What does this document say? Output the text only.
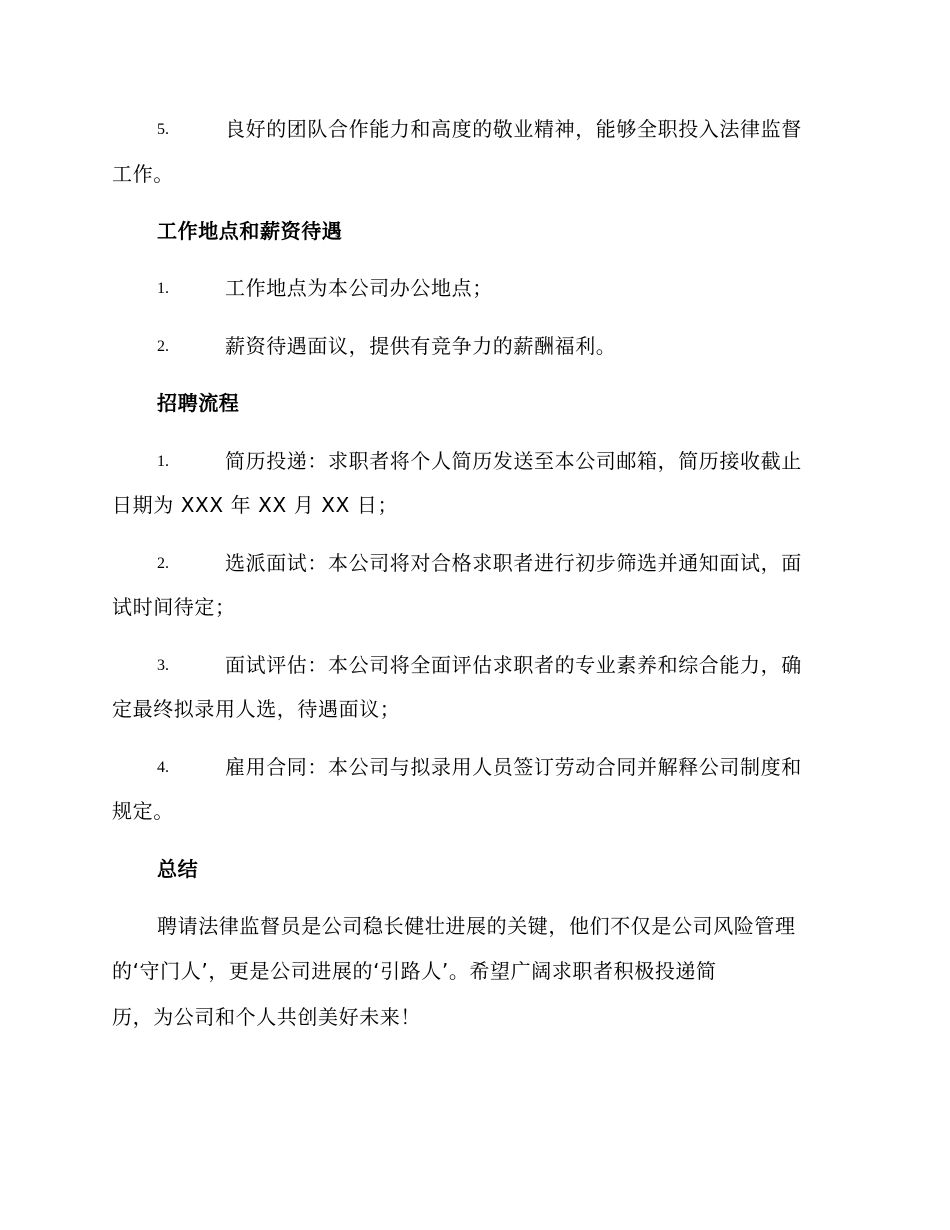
5.	良好的团队合作能力和高度的敬业精神，能够全职投入法律监督
工作。
工作地点和薪资待遇
1.	工作地点为本公司办公地点；
2.	薪资待遇面议，提供有竞争力的薪酬福利。
招聘流程
1.	简历投递：求职者将个人简历发送至本公司邮箱，简历接收截止
日期为 XXX 年 XX 月 XX 日；
2.	选派面试：本公司将对合格求职者进行初步筛选并通知面试，面
试时间待定；
3.	面试评估：本公司将全面评估求职者的专业素养和综合能力，确
定最终拟录用人选，待遇面议；
4.	雇用合同：本公司与拟录用人员签订劳动合同并解释公司制度和
规定。
总结
聘请法律监督员是公司稳长健壮进展的关键，他们不仅是公司风险管理
的‘守门人’，更是公司进展的‘引路人’。希望广阔求职者积极投递简
历，为公司和个人共创美好未来！
